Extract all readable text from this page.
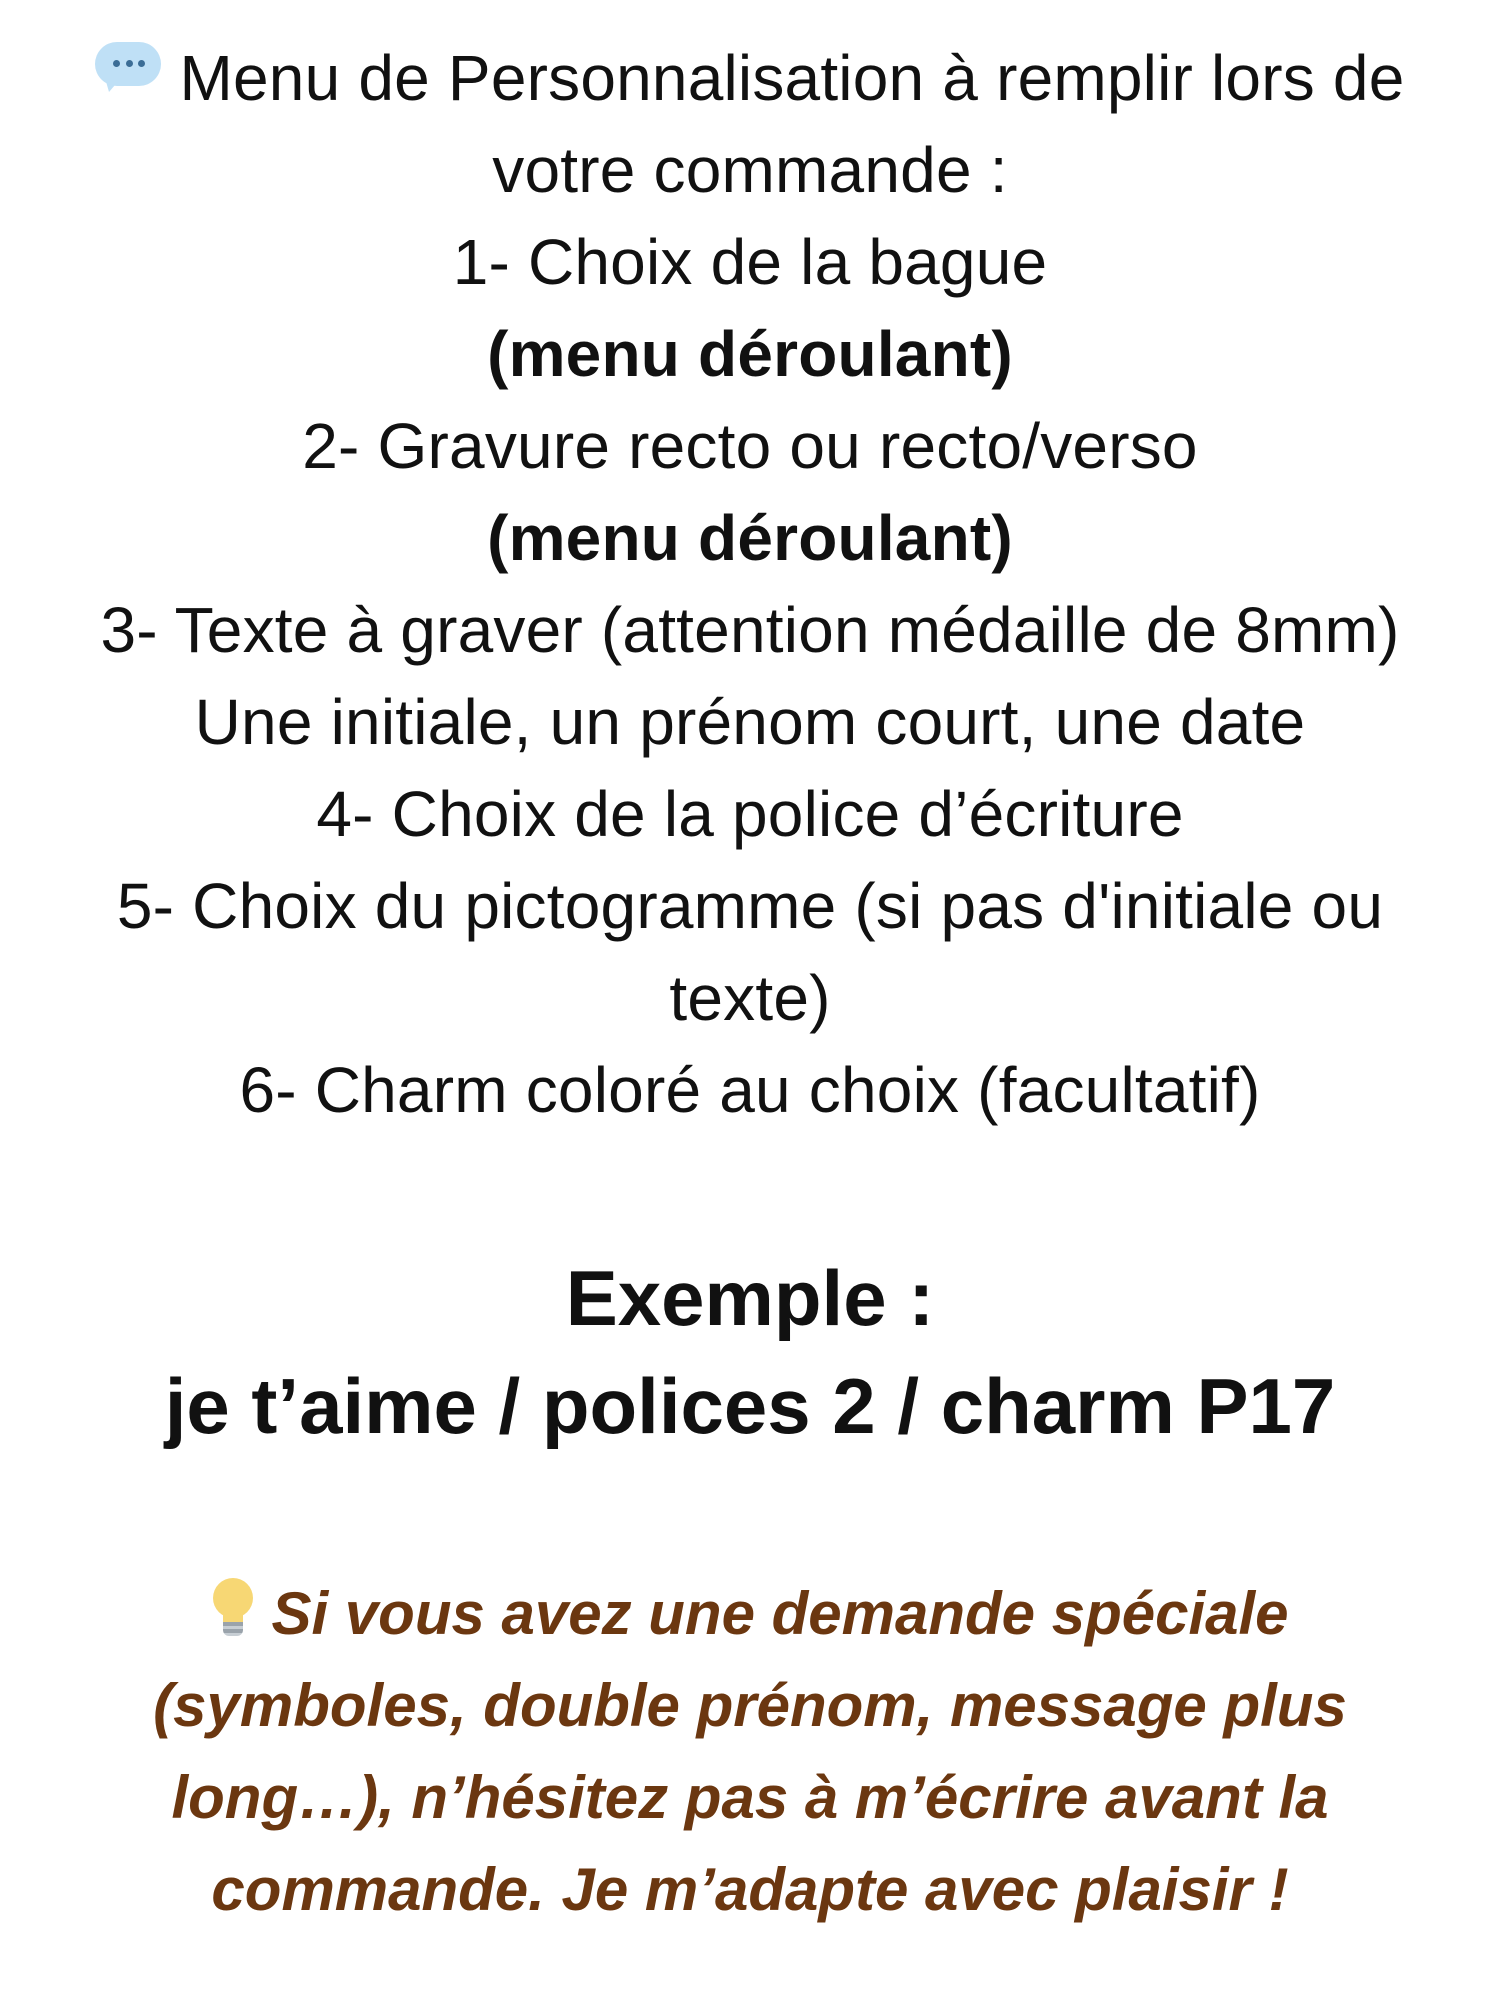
Menu de Personnalisation à remplir lors de
votre commande :
1- Choix de la bague
(menu déroulant)
2- Gravure recto ou recto/verso
(menu déroulant)
3- Texte à graver (attention médaille de 8mm)
Une initiale, un prénom court, une date
4- Choix de la police d’écriture
5- Choix du pictogramme (si pas d'initiale ou
texte)
6- Charm coloré au choix (facultatif)
Exemple :
je t’aime / polices 2 / charm P17
Si vous avez une demande spéciale
(symboles, double prénom, message plus
long…), n’hésitez pas à m’écrire avant la
commande. Je m’adapte avec plaisir !
